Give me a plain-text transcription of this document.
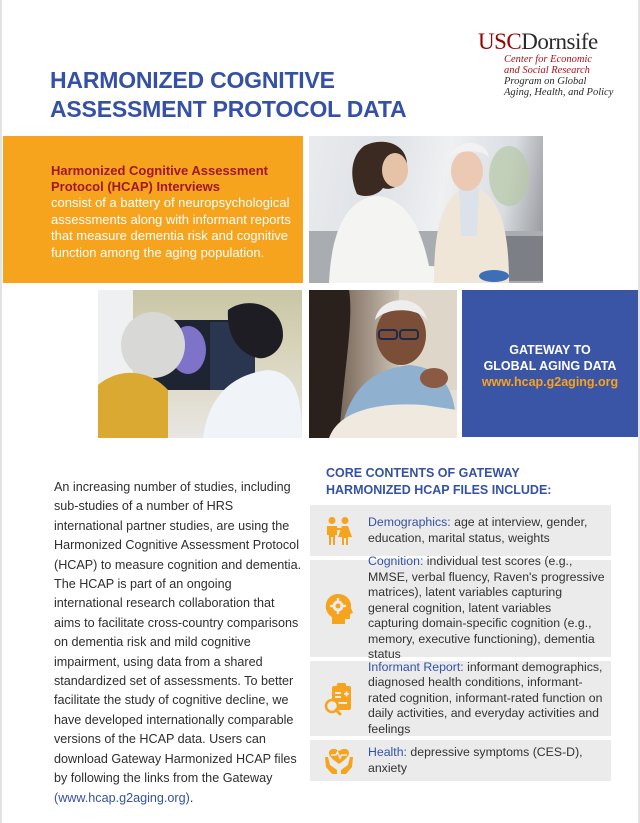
USCDornsife
Center for Economic
and Social Research
Program on Global
Aging, Health, and Policy
HARMONIZED COGNITIVE
ASSESSMENT PROTOCOL DATA
Harmonized Cognitive Assessment Protocol (HCAP) Interviews
consist of a battery of neuropsychological assessments along with informant reports that measure dementia risk and cognitive function among the aging population.
GATEWAY TO
GLOBAL AGING DATA
www.hcap.g2aging.org

An increasing number of studies, including sub-studies of a number of HRS international partner studies, are using the Harmonized Cognitive Assessment Protocol (HCAP) to measure cognition and dementia. The HCAP is part of an ongoing international research collaboration that aims to facilitate cross-country comparisons on dementia risk and mild cognitive impairment, using data from a shared standardized set of assessments. To better facilitate the study of cognitive decline, we have developed internationally comparable versions of the HCAP data. Users can download Gateway Harmonized HCAP files by following the links from the Gateway (www.hcap.g2aging.org).

CORE CONTENTS OF GATEWAY
HARMONIZED HCAP FILES INCLUDE:
Demographics: age at interview, gender, education, marital status, weights
Cognition: individual test scores (e.g., MMSE, verbal fluency, Raven's progressive matrices), latent variables capturing general cognition, latent variables capturing domain-specific cognition (e.g., memory, executive functioning), dementia status
Informant Report: informant demographics, diagnosed health conditions, informant-rated cognition, informant-rated function on daily activities, and everyday activities and feelings
Health: depressive symptoms (CES-D), anxiety
